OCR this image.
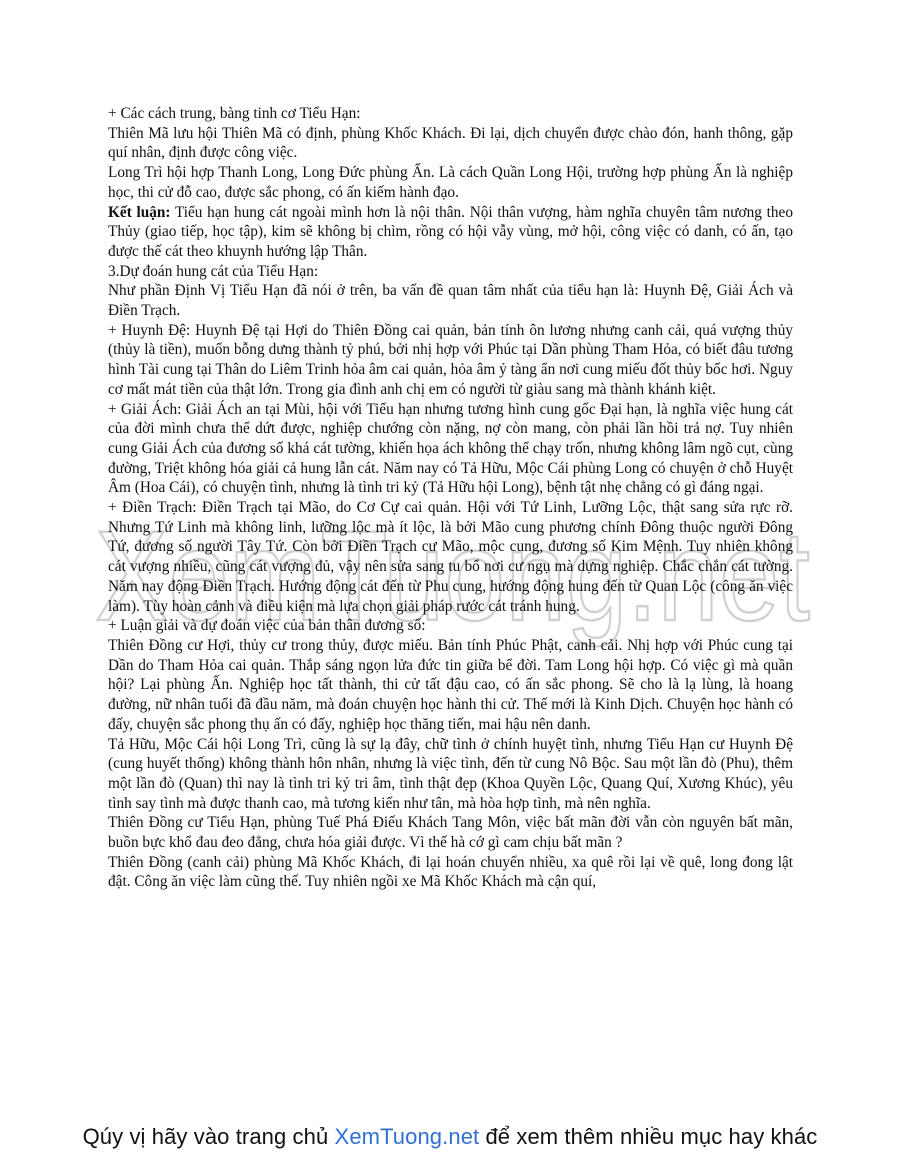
XemTuong.net

+ Các cách trung, bàng tinh cơ Tiểu Hạn:

Thiên Mã lưu hội Thiên Mã có định, phùng Khốc Khách. Đi lại, dịch chuyển được chào đón, hanh thông, gặp quí nhân, định được công việc.

Long Trì hội hợp Thanh Long, Long Đức phùng Ấn. Là cách Quần Long Hội, trường hợp phùng Ấn là nghiệp học, thi cử đỗ cao, được sắc phong, có ấn kiếm hành đạo.

Kết luận: Tiểu hạn hung cát ngoài mình hơn là nội thân. Nội thân vượng, hàm nghĩa chuyên tâm nương theo Thủy (giao tiếp, học tập), kim sẽ không bị chìm, rồng có hội vẫy vùng, mở hội, công việc có danh, có ấn, tạo được thế cát theo khuynh hướng lập Thân.

3.Dự đoán hung cát của Tiểu Hạn:

Như phần Định Vị Tiểu Hạn đã nói ở trên, ba vấn đề quan tâm nhất của tiểu hạn là: Huynh Đệ, Giải Ách và Điền Trạch.

+ Huynh Đệ: Huynh Đệ tại Hợi do Thiên Đồng cai quản, bản tính ôn lương nhưng canh cải, quá vượng thủy (thủy là tiền), muốn bỗng dưng thành tỷ phú, bởi nhị hợp với Phúc tại Dần phùng Tham Hỏa, có biết đâu tương hình Tài cung tại Thân do Liêm Trinh hỏa âm cai quản, hỏa âm ỷ tàng ẩn nơi cung miếu đốt thủy bốc hơi. Nguy cơ mất mát tiền của thật lớn. Trong gia đình anh chị em có người từ giàu sang mà thành khánh kiệt.

+ Giải Ách: Giải Ách an tại Mùi, hội với Tiểu hạn nhưng tương hình cung gốc Đại hạn, là nghĩa việc hung cát của đời mình chưa thể dứt được, nghiệp chướng còn nặng, nợ còn mang, còn phải lần hồi trả nợ. Tuy nhiên cung Giải Ách của đương số khá cát tường, khiến họa ách không thể chạy trốn, nhưng không lâm ngõ cụt, cùng đường, Triệt không hóa giải cả hung lẫn cát. Năm nay có Tả Hữu, Mộc Cái phùng Long có chuyện ở chỗ Huyệt Âm (Hoa Cái), có chuyện tình, nhưng là tình tri kỷ (Tả Hữu hội Long), bệnh tật nhẹ chẳng có gì đáng ngại.

+ Điền Trạch: Điền Trạch tại Mão, do Cơ Cự cai quản. Hội với Tứ Linh, Lưỡng Lộc, thật sang sửa rực rỡ. Nhưng Tứ Linh mà không linh, lưỡng lộc mà ít lộc, là bởi Mão cung phương chính Đông thuộc người Đông Tứ, đương số người Tây Tứ. Còn bởi Điền Trạch cư Mão, mộc cung, đương số Kim Mệnh. Tuy nhiên không cát vượng nhiều, cũng cát vượng đủ, vậy nên sửa sang tu bổ nơi cư ngụ mà dựng nghiệp. Chắc chắn cát tường. Năm nay động Điền Trạch. Hướng động cát đến từ Phu cung, hướng động hung đến từ Quan Lộc (công ăn việc làm). Tùy hoàn cảnh và điều kiện mà lựa chọn giải pháp rước cát tránh hung.

+ Luận giải và dự đoán việc của bản thân đương số:

Thiên Đồng cư Hợi, thủy cư trong thủy, được miếu. Bản tính Phúc Phật, canh cải. Nhị hợp với Phúc cung tại Dần do Tham Hỏa cai quản. Thắp sáng ngọn lửa đức tin giữa bể đời. Tam Long hội hợp. Có việc gì mà quần hội? Lại phùng Ấn. Nghiệp học tất thành, thi cử tất đậu cao, có ấn sắc phong. Sẽ cho là lạ lùng, là hoang đường, nữ nhân tuổi đã đầu năm, mà đoán chuyện học hành thi cử. Thế mới là Kinh Dịch. Chuyện học hành có đấy, chuyện sắc phong thụ ấn có đấy, nghiệp học thăng tiến, mai hậu nên danh.

Tả Hữu, Mộc Cái hội Long Trì, cũng là sự lạ đây, chữ tình ở chính huyệt tình, nhưng Tiểu Hạn cư Huynh Đệ (cung huyết thống) không thành hôn nhân, nhưng là việc tình, đến từ cung Nô Bộc. Sau một lần đò (Phu), thêm một lần đò (Quan) thì nay là tình tri kỷ tri âm, tình thật đẹp (Khoa Quyền Lộc, Quang Quí, Xương Khúc), yêu tình say tình mà được thanh cao, mà tương kiến như tân, mà hòa hợp tình, mà nên nghĩa.

Thiên Đồng cư Tiểu Hạn, phùng Tuế Phá Điếu Khách Tang Môn, việc bất mãn đời vẫn còn nguyên bất mãn, buồn bực khổ đau đeo đẳng, chưa hóa giải được. Vì thế hà cớ gì cam chịu bất mãn ?

Thiên Đồng (canh cải) phùng Mã Khốc Khách, đi lại hoán chuyển nhiều, xa quê rồi lại về quê, long đong lật đật. Công ăn việc làm cũng thế. Tuy nhiên ngồi xe Mã Khốc Khách mà cận quí,

Qúy vị hãy vào trang chủ XemTuong.net để xem thêm nhiều mục hay khác
